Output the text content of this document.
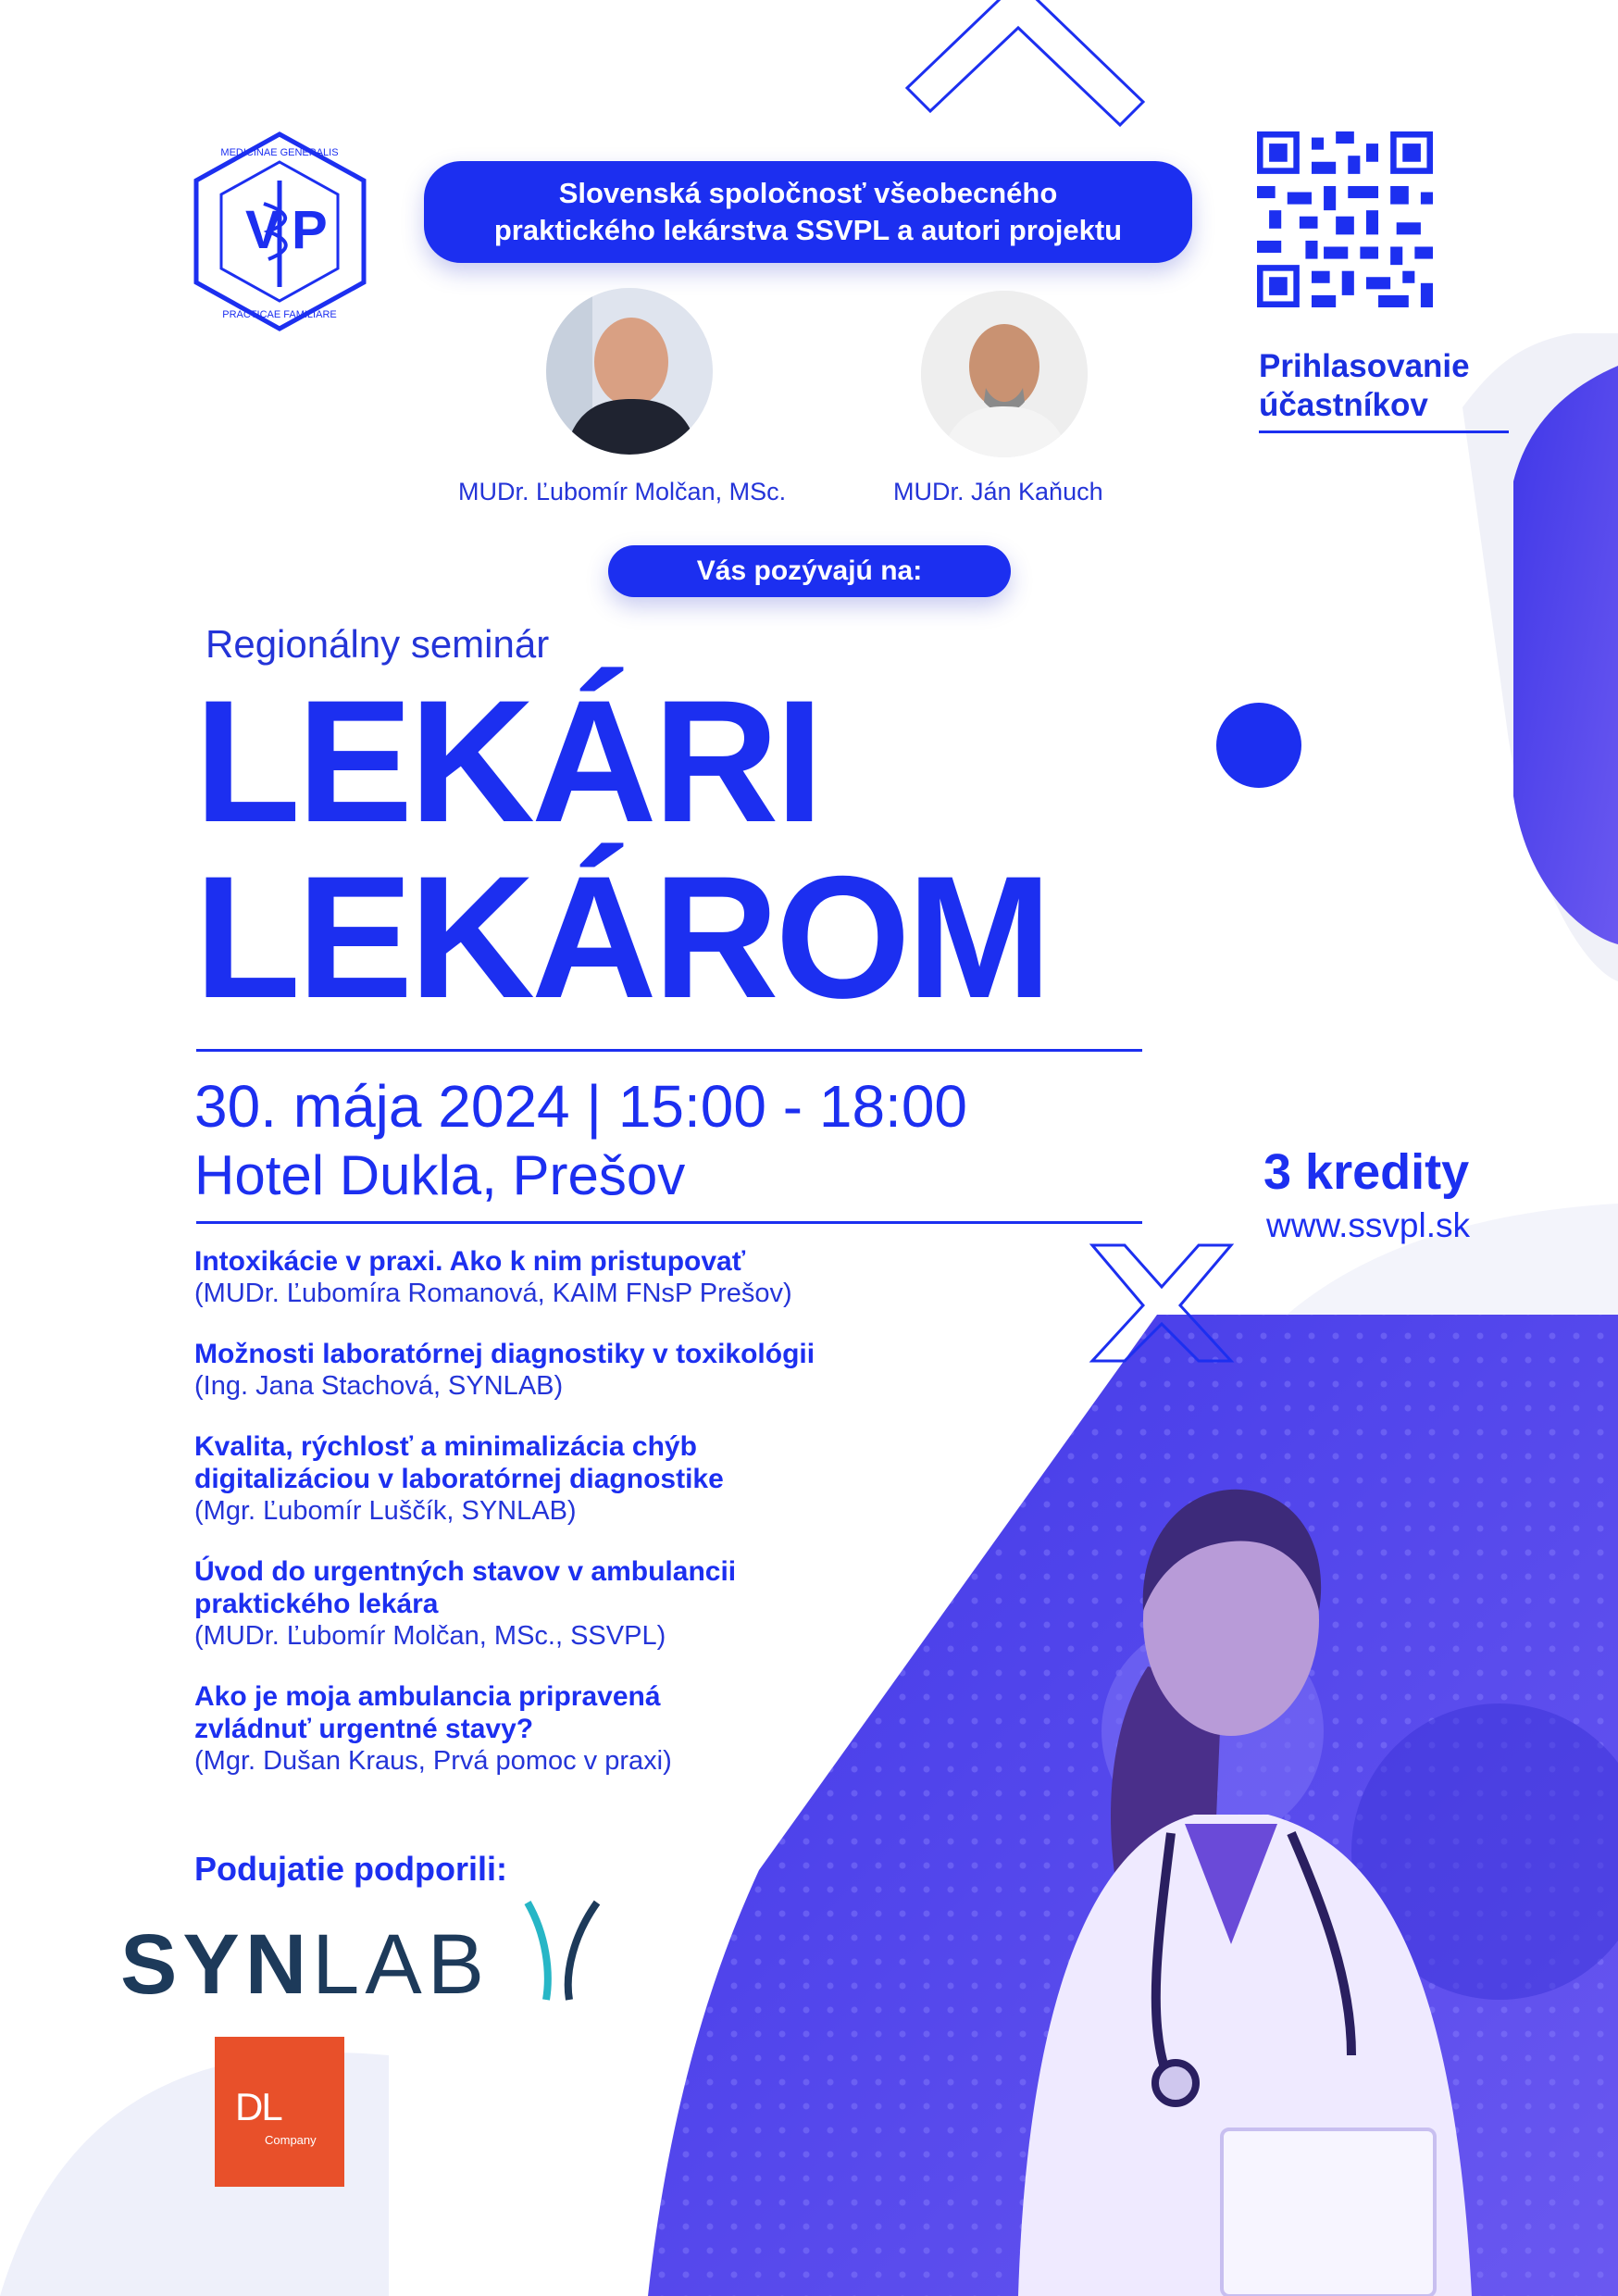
V P
MEDICINAE GENERALIS
PRACTICAE FAMILIARE
Slovenská spoločnosť všeobecného
praktického lekárstva SSVPL a autori projektu
MUDr. Ľubomír Molčan, MSc.	MUDr. Ján Kaňuch
Prihlasovanie
účastníkov
Vás pozývajú na:
Regionálny seminár
LEKÁRI
LEKÁROM
30. mája 2024 | 15:00 - 18:00
Hotel Dukla, Prešov	3 kredity
www.ssvpl.sk
Intoxikácie v praxi. Ako k nim pristupovať
(MUDr. Ľubomíra Romanová, KAIM FNsP Prešov)
Možnosti laboratórnej diagnostiky v toxikológii
(Ing. Jana Stachová, SYNLAB)
Kvalita, rýchlosť a minimalizácia chýb
digitalizáciou v laboratórnej diagnostike
(Mgr. Ľubomír Luščík, SYNLAB)
Úvod do urgentných stavov v ambulancii
praktického lekára
(MUDr. Ľubomír Molčan, MSc., SSVPL)
Ako je moja ambulancia pripravená
zvládnuť urgentné stavy?
(Mgr. Dušan Kraus, Prvá pomoc v praxi)
Podujatie podporili:
SYNLAB
DL
Company
